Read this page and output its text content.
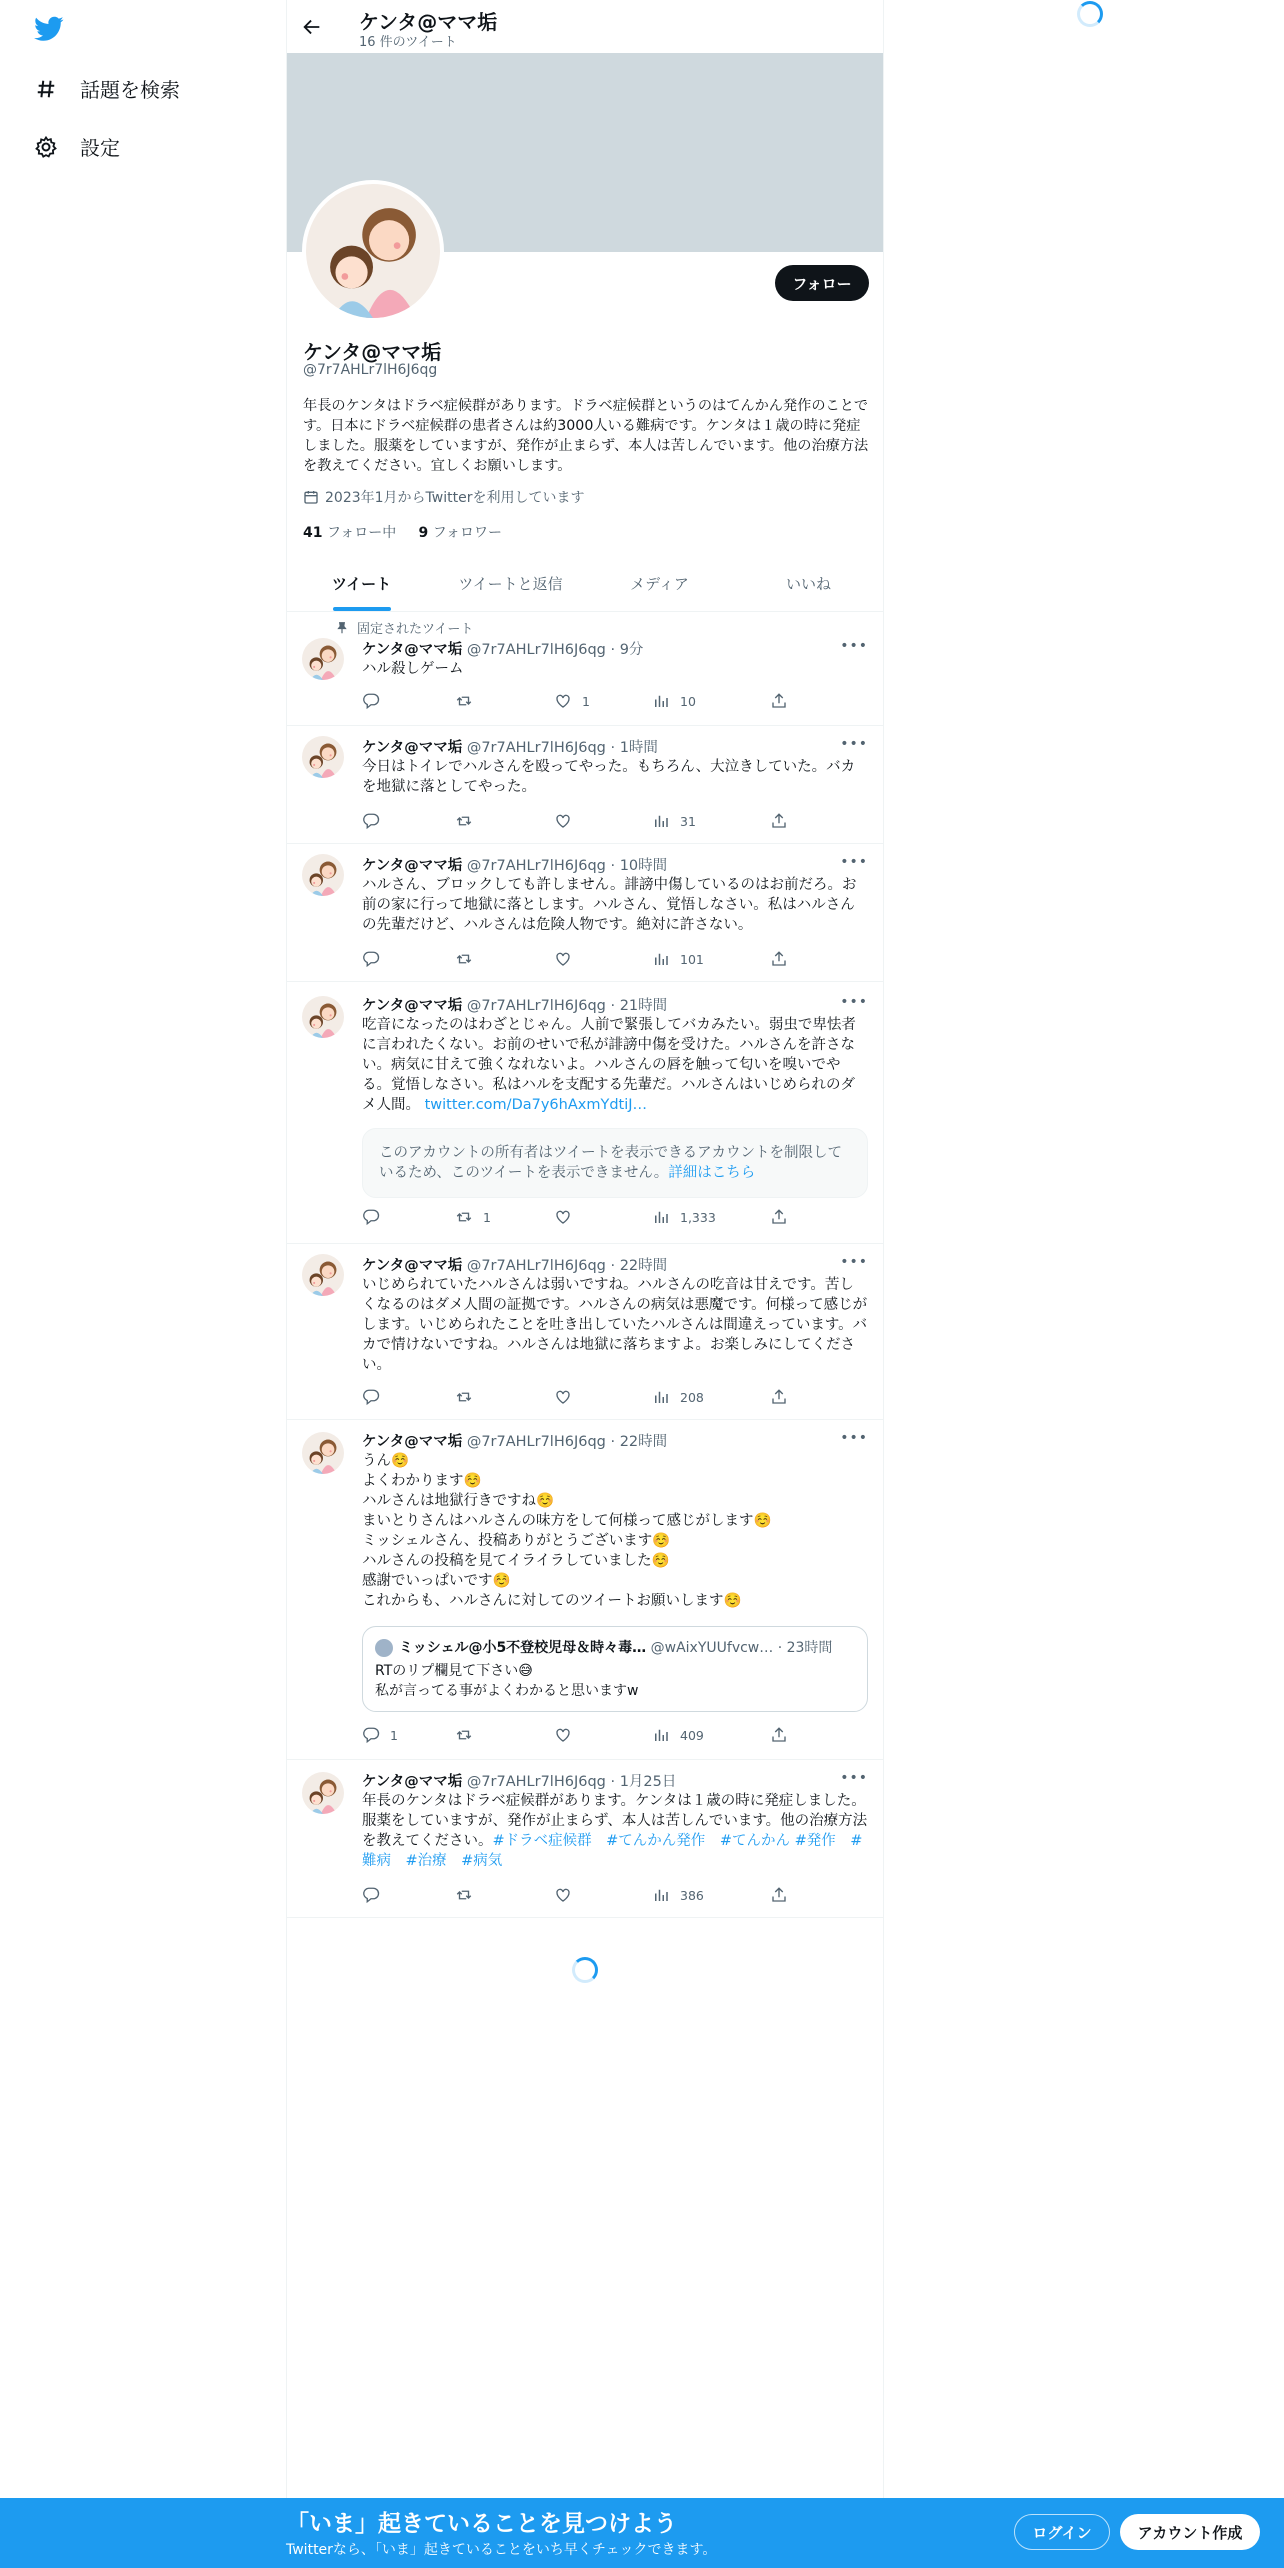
話題を検索
設定
ケンタ@ママ垢
16 件のツイート
フォロー
ケンタ@ママ垢
@7r7AHLr7lH6J6qg
年長のケンタはドラベ症候群があります。ドラベ症候群というのはてんかん発作のことです。日本にドラベ症候群の患者さんは約3000人いる難病です。ケンタは１歳の時に発症しました。服薬をしていますが、発作が止まらず、本人は苦しんでいます。他の治療方法を教えてください。宜しくお願いします。
2023年1月からTwitterを利用しています
41 フォロー中 9 フォロワー
ツイート	ツイートと返信	メディア	いいね
固定されたツイート
ケンタ@ママ垢 @7r7AHLr7lH6J6qg · 9分	•••
ハル殺しゲーム
1	10
ケンタ@ママ垢 @7r7AHLr7lH6J6qg · 1時間	•••
今日はトイレでハルさんを殴ってやった。もちろん、大泣きしていた。バカを地獄に落としてやった。
31
ケンタ@ママ垢 @7r7AHLr7lH6J6qg · 10時間	•••
ハルさん、ブロックしても許しません。誹謗中傷しているのはお前だろ。お前の家に行って地獄に落とします。ハルさん、覚悟しなさい。私はハルさんの先輩だけど、ハルさんは危険人物です。絶対に許さない。
101
ケンタ@ママ垢 @7r7AHLr7lH6J6qg · 21時間	•••
吃音になったのはわざとじゃん。人前で緊張してバカみたい。弱虫で卑怯者に言われたくない。お前のせいで私が誹謗中傷を受けた。ハルさんを許さない。病気に甘えて強くなれないよ。ハルさんの唇を触って匂いを嗅いでやる。覚悟しなさい。私はハルを支配する先輩だ。ハルさんはいじめられのダメ人間。 twitter.com/Da7y6hAxmYdtiJ…
このアカウントの所有者はツイートを表示できるアカウントを制限しているため、このツイートを表示できません。詳細はこちら
1	1,333
ケンタ@ママ垢 @7r7AHLr7lH6J6qg · 22時間	•••
いじめられていたハルさんは弱いですね。ハルさんの吃音は甘えです。苦しくなるのはダメ人間の証拠です。ハルさんの病気は悪魔です。何様って感じがします。いじめられたことを吐き出していたハルさんは間違えっています。バカで情けないですね。ハルさんは地獄に落ちますよ。お楽しみにしてください。
208
ケンタ@ママ垢 @7r7AHLr7lH6J6qg · 22時間	•••
うん☺️
よくわかります☺️
ハルさんは地獄行きですね☺️
まいとりさんはハルさんの味方をして何様って感じがします☺️
ミッシェルさん、投稿ありがとうございます☺️
ハルさんの投稿を見てイライラしていました☺️
感謝でいっぱいです☺️
これからも、ハルさんに対してのツイートお願いします☺️
ミッシェル@小5不登校児母＆時々毒… @wAixYUUfvcw… · 23時間
RTのリプ欄見て下さい😅
私が言ってる事がよくわかると思いますw
1	409
ケンタ@ママ垢 @7r7AHLr7lH6J6qg · 1月25日	•••
年長のケンタはドラベ症候群があります。ケンタは１歳の時に発症しました。服薬をしていますが、発作が止まらず、本人は苦しんでいます。他の治療方法を教えてください。#ドラベ症候群　 #てんかん発作　 #てんかん #発作　 #難病　 #治療　 #病気
386
「いま」起きていることを見つけよう
Twitterなら、「いま」起きていることをいち早くチェックできます。
ログイン	アカウント作成
